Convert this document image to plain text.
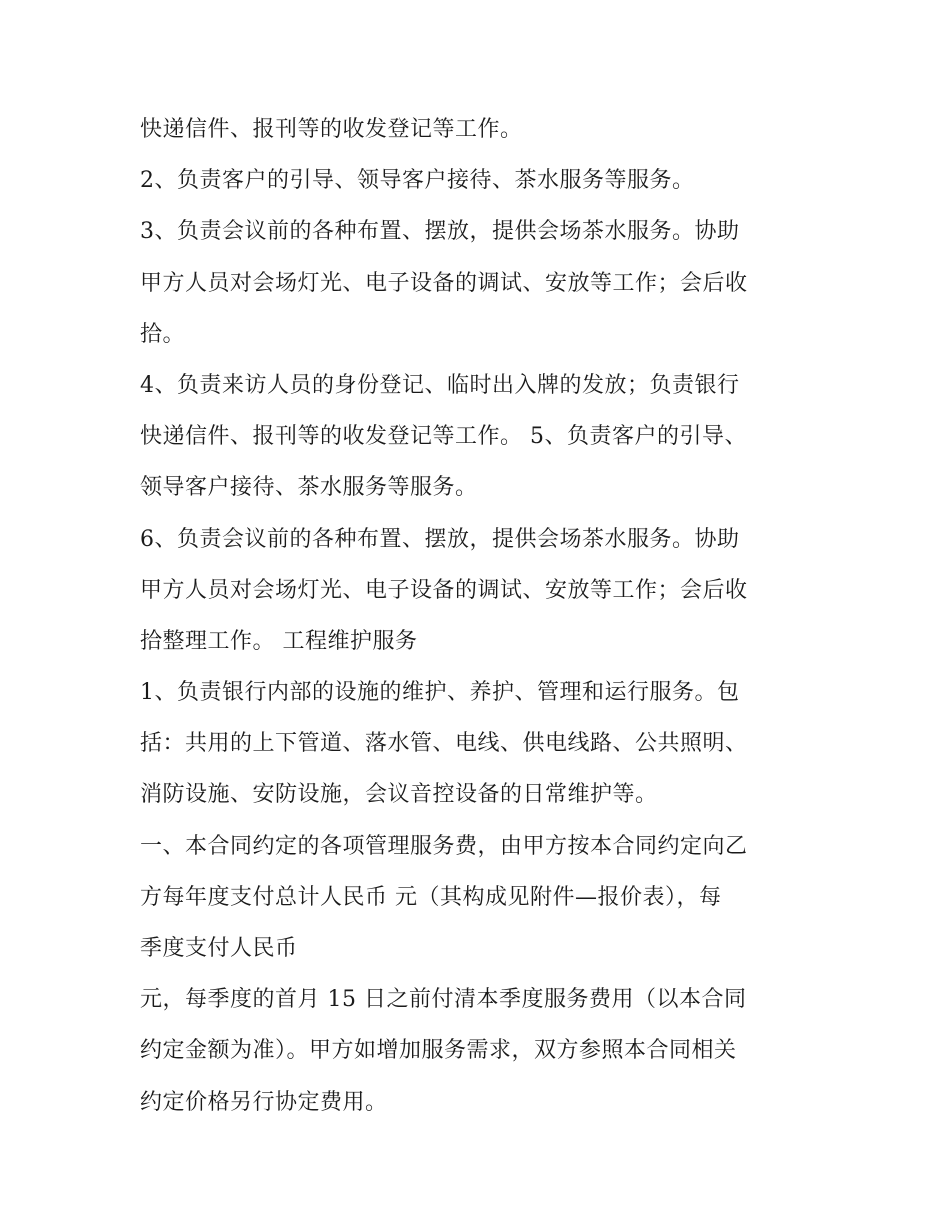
快递信件、报刊等的收发登记等工作。
2、负责客户的引导、领导客户接待、茶水服务等服务。
3、负责会议前的各种布置、摆放，提供会场茶水服务。协助
甲方人员对会场灯光、电子设备的调试、安放等工作；会后收
拾。
4、负责来访人员的身份登记、临时出入牌的发放；负责银行
快递信件、报刊等的收发登记等工作。 5、负责客户的引导、
领导客户接待、茶水服务等服务。
6、负责会议前的各种布置、摆放，提供会场茶水服务。协助
甲方人员对会场灯光、电子设备的调试、安放等工作；会后收
拾整理工作。 工程维护服务
1、负责银行内部的设施的维护、养护、管理和运行服务。包
括：共用的上下管道、落水管、电线、供电线路、公共照明、
消防设施、安防设施，会议音控设备的日常维护等。
一、本合同约定的各项管理服务费，由甲方按本合同约定向乙
方每年度支付总计人民币 元（其构成见附件—报价表），每
季度支付人民币
元，每季度的首月 15 日之前付清本季度服务费用（以本合同
约定金额为准）。甲方如增加服务需求，双方参照本合同相关
约定价格另行协定费用。
